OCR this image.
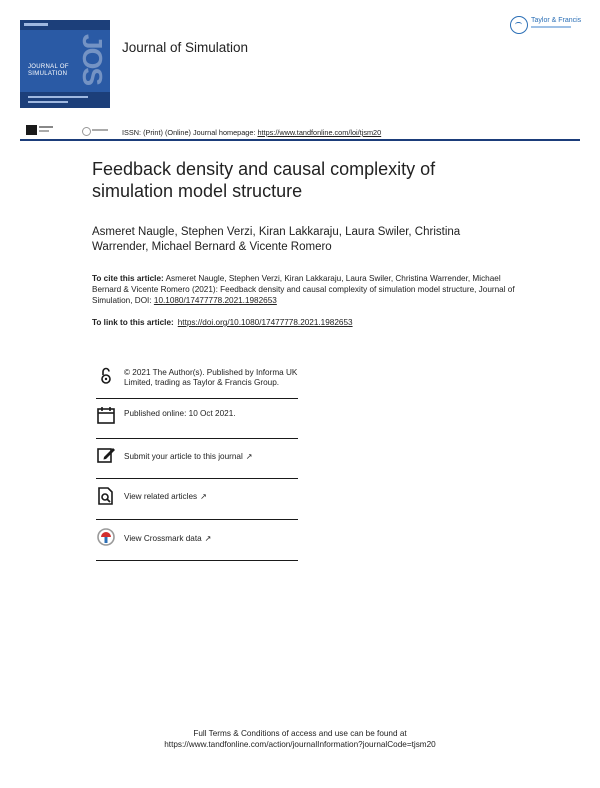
JOS
JOURNAL OF SIMULATION
Journal of Simulation
Taylor & Francis
ISSN: (Print) (Online) Journal homepage: https://www.tandfonline.com/loi/tjsm20
Feedback density and causal complexity of simulation model structure
Asmeret Naugle, Stephen Verzi, Kiran Lakkaraju, Laura Swiler, Christina Warrender, Michael Bernard & Vicente Romero
To cite this article: Asmeret Naugle, Stephen Verzi, Kiran Lakkaraju, Laura Swiler, Christina Warrender, Michael Bernard & Vicente Romero (2021): Feedback density and causal complexity of simulation model structure, Journal of Simulation, DOI: 10.1080/17477778.2021.1982653
To link to this article: https://doi.org/10.1080/17477778.2021.1982653
© 2021 The Author(s). Published by Informa UK Limited, trading as Taylor & Francis Group.
Published online: 10 Oct 2021.
Submit your article to this journal ↗
View related articles ↗
View Crossmark data ↗
Full Terms & Conditions of access and use can be found at
https://www.tandfonline.com/action/journalInformation?journalCode=tjsm20
